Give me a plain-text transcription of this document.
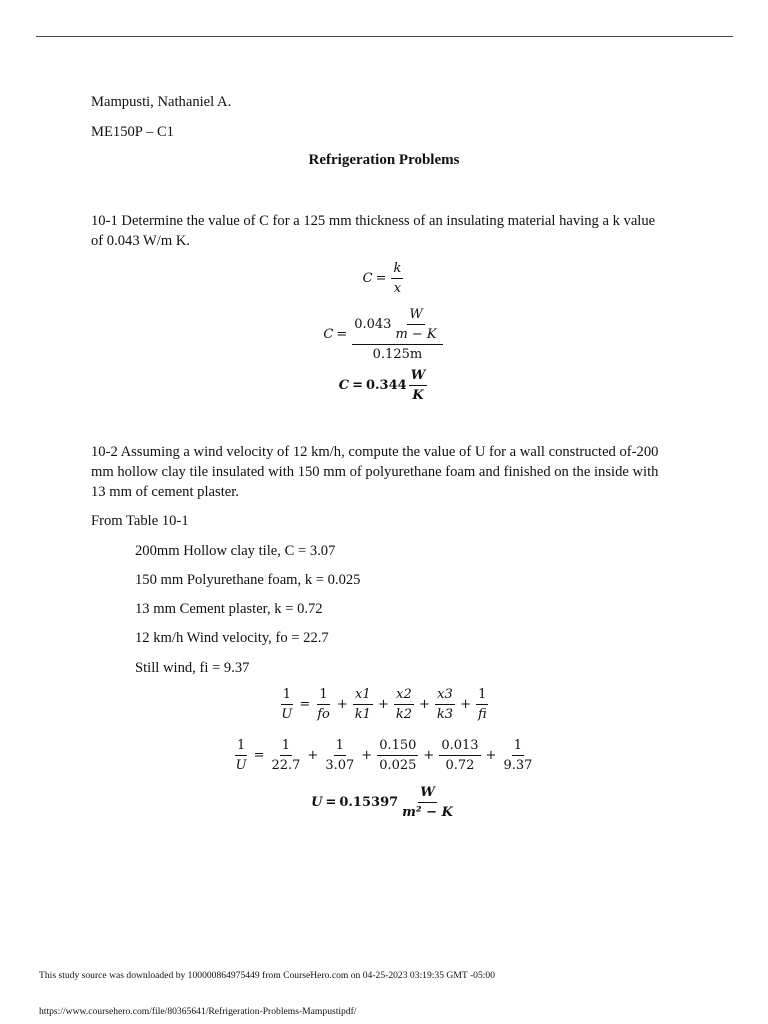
Mampusti, Nathaniel A.
ME150P – C1
Refrigeration Problems
10-1 Determine the value of C for a 125 mm thickness of an insulating material having a k value
of 0.043 W/m K.
$C = \frac{k}{x}$
$C = \frac{0.043 \frac{W}{m - K}}{0.125m}$
$C = 0.344 \frac{W}{K}$
10-2 Assuming a wind velocity of 12 km/h, compute the value of U for a wall constructed of-200
mm hollow clay tile insulated with 150 mm of polyurethane foam and finished on the inside with
13 mm of cement plaster.
From Table 10-1
200mm Hollow clay tile, C = 3.07
150 mm Polyurethane foam, k = 0.025
13 mm Cement plaster, k = 0.72
12 km/h Wind velocity, fo = 22.7
Still wind, fi = 9.37
$\frac{1}{U} = \frac{1}{fo} + \frac{x1}{k1} + \frac{x2}{k2} + \frac{x3}{k3} + \frac{1}{fi}$
$\frac{1}{U} = \frac{1}{22.7} + \frac{1}{3.07} + \frac{0.150}{0.025} + \frac{0.013}{0.72} + \frac{1}{9.37}$
$U = 0.15397 \frac{W}{\text{m² − K}}$
This study source was downloaded by 100000864975449 from CourseHero.com on 04-25-2023 03:19:35 GMT -05:00
https://www.coursehero.com/file/80365641/Refrigeration-Problems-Mampustipdf/
